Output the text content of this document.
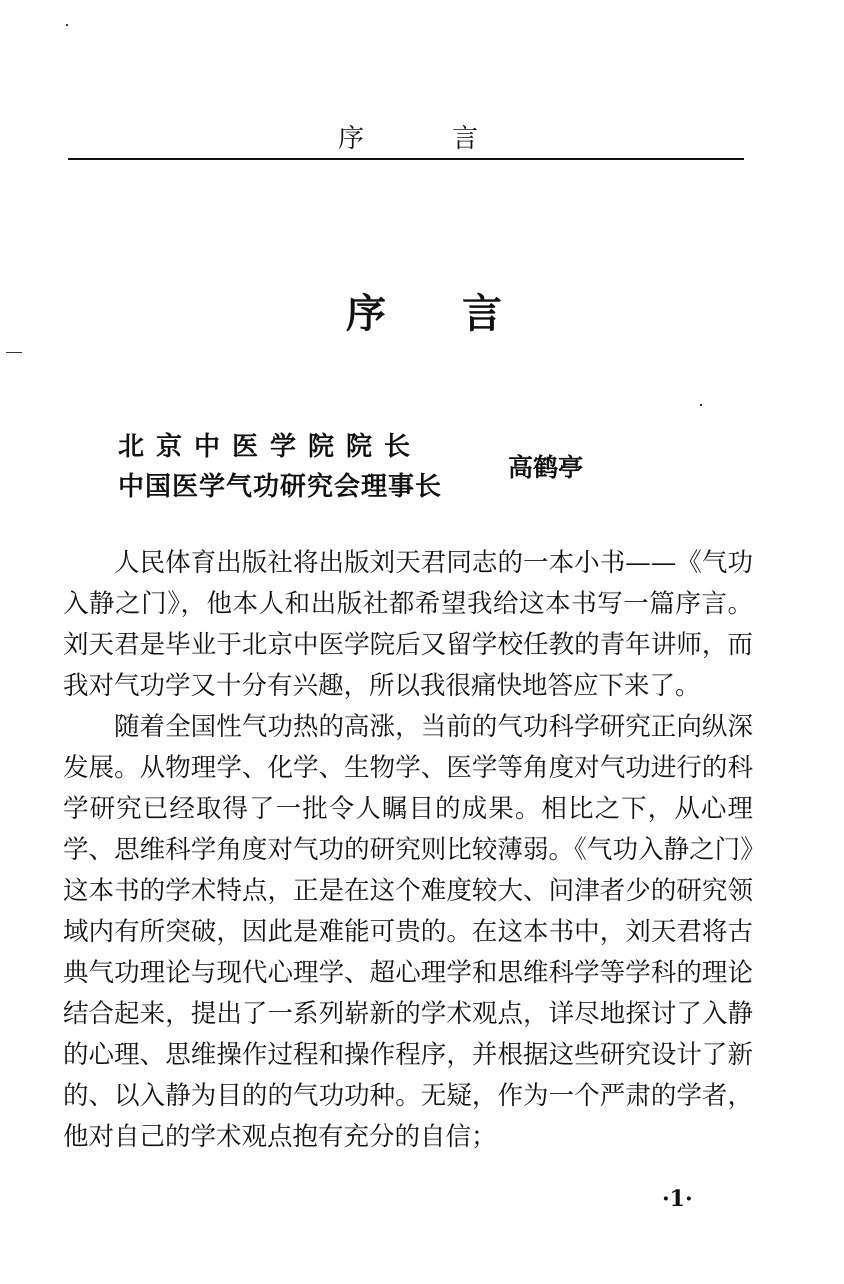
序	言
序 言
北京中医学院院长
中国医学气功研究会理事长
高鹤亭

人民体育出版社将出版刘天君同志的一本小书——《气功入静之门》，他本人和出版社都希望我给这本书写一篇序言。刘天君是毕业于北京中医学院后又留学校任教的青年讲师，而我对气功学又十分有兴趣，所以我很痛快地答应下来了。

随着全国性气功热的高涨，当前的气功科学研究正向纵深发展。从物理学、化学、生物学、医学等角度对气功进行的科学研究已经取得了一批令人瞩目的成果。相比之下，从心理学、思维科学角度对气功的研究则比较薄弱。《气功入静之门》这本书的学术特点，正是在这个难度较大、问津者少的研究领域内有所突破，因此是难能可贵的。在这本书中，刘天君将古典气功理论与现代心理学、超心理学和思维科学等学科的理论结合起来，提出了一系列崭新的学术观点，详尽地探讨了入静的心理、思维操作过程和操作程序，并根据这些研究设计了新的、以入静为目的的气功功种。无疑，作为一个严肃的学者，他对自己的学术观点抱有充分的自信；

·1·
